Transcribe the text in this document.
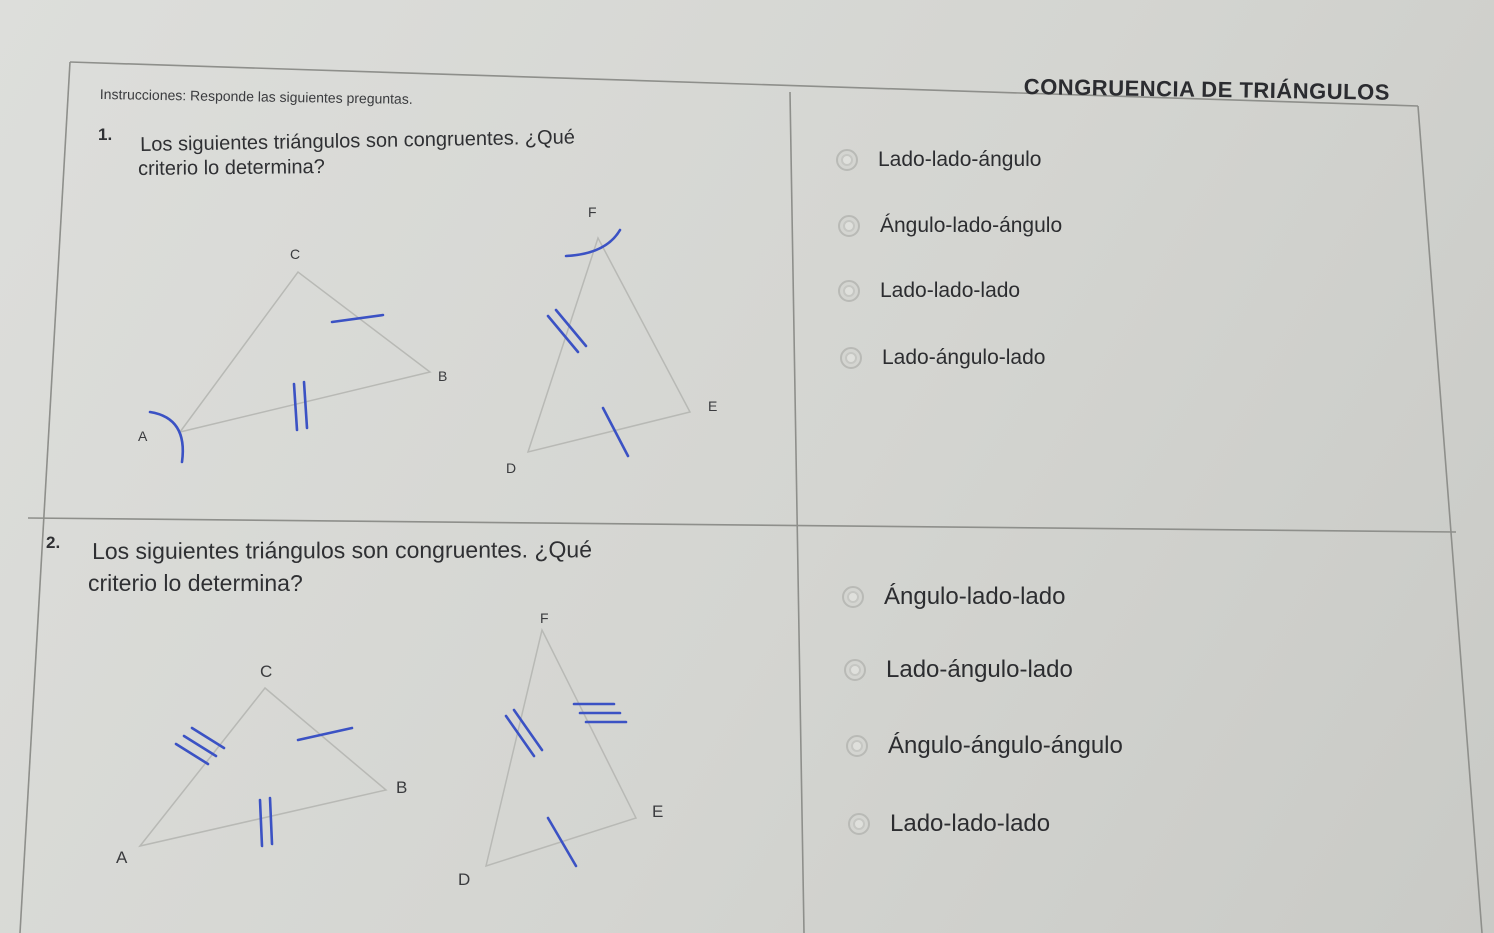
CONGRUENCIA DE TRIÁNGULOS
Instrucciones: Responde las siguientes preguntas.
1. Los siguientes triángulos son congruentes. ¿Qué
criterio lo determina?
C
B
A
F
E
D
Lado-lado-ángulo
Ángulo-lado-ángulo
Lado-lado-lado
Lado-ángulo-lado
2. Los siguientes triángulos son congruentes. ¿Qué
criterio lo determina?
C
B
A
F
E
D
Ángulo-lado-lado
Lado-ángulo-lado
Ángulo-ángulo-ángulo
Lado-lado-lado
